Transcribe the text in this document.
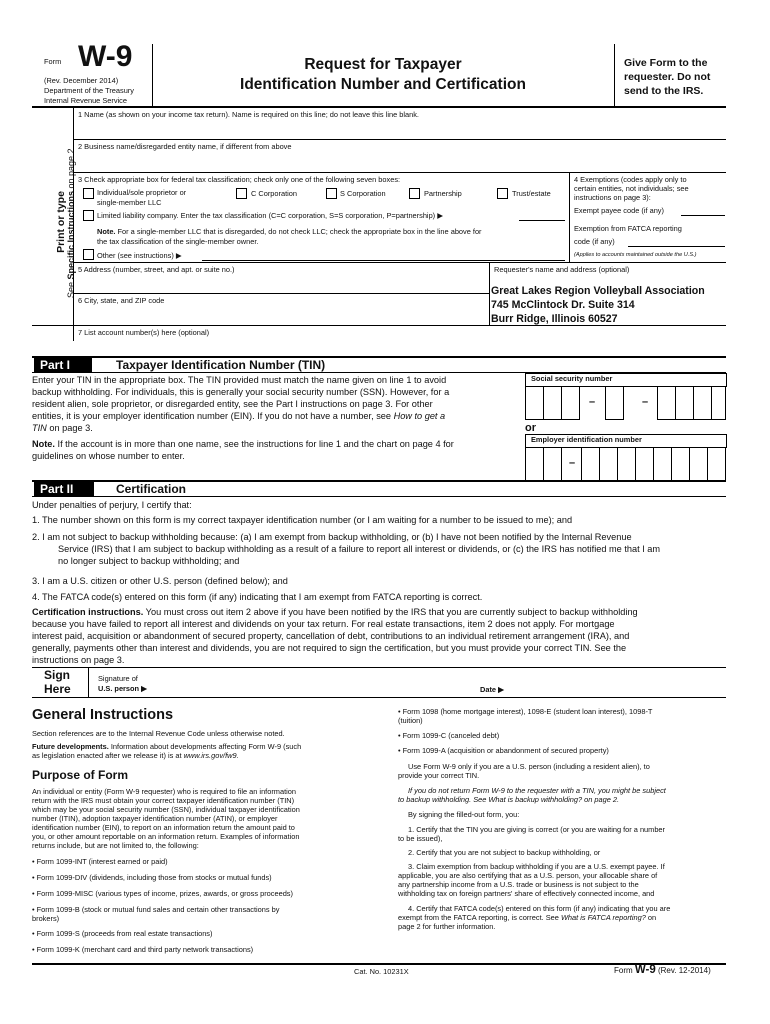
Form W-9
(Rev. December 2014)
Department of the Treasury
Internal Revenue Service
Request for Taxpayer
Identification Number and Certification
Give Form to the
requester. Do not
send to the IRS.
Print or type
See Specific Instructions on page 2.
1 Name (as shown on your income tax return). Name is required on this line; do not leave this line blank.
2 Business name/disregarded entity name, if different from above
3 Check appropriate box for federal tax classification; check only one of the following seven boxes:
Individual/sole proprietor or
single-member LLC
C Corporation	S Corporation	Partnership	Trust/estate
Limited liability company. Enter the tax classification (C=C corporation, S=S corporation, P=partnership) ▶
Note. For a single-member LLC that is disregarded, do not check LLC; check the appropriate box in the line above for
the tax classification of the single-member owner.
Other (see instructions) ▶
4 Exemptions (codes apply only to
certain entities, not individuals; see
instructions on page 3):
Exempt payee code (if any)
Exemption from FATCA reporting
code (if any)
(Applies to accounts maintained outside the U.S.)
5 Address (number, street, and apt. or suite no.)	Requester's name and address (optional)
Great Lakes Region Volleyball Association
745 McClintock Dr. Suite 314
Burr Ridge, Illinois 60527
6 City, state, and ZIP code
7 List account number(s) here (optional)
Part I	Taxpayer Identification Number (TIN)
Enter your TIN in the appropriate box. The TIN provided must match the name given on line 1 to avoid
backup withholding. For individuals, this is generally your social security number (SSN). However, for a
resident alien, sole proprietor, or disregarded entity, see the Part I instructions on page 3. For other
entities, it is your employer identification number (EIN). If you do not have a number, see How to get a
TIN on page 3.
Note. If the account is in more than one name, see the instructions for line 1 and the chart on page 4 for
guidelines on whose number to enter.
Social security number
–	–
or
Employer identification number
–
Part II	Certification
Under penalties of perjury, I certify that:
1. The number shown on this form is my correct taxpayer identification number (or I am waiting for a number to be issued to me); and
2. I am not subject to backup withholding because: (a) I am exempt from backup withholding, or (b) I have not been notified by the Internal Revenue
Service (IRS) that I am subject to backup withholding as a result of a failure to report all interest or dividends, or (c) the IRS has notified me that I am
no longer subject to backup withholding; and
3. I am a U.S. citizen or other U.S. person (defined below); and
4. The FATCA code(s) entered on this form (if any) indicating that I am exempt from FATCA reporting is correct.
Certification instructions. You must cross out item 2 above if you have been notified by the IRS that you are currently subject to backup withholding
because you have failed to report all interest and dividends on your tax return. For real estate transactions, item 2 does not apply. For mortgage
interest paid, acquisition or abandonment of secured property, cancellation of debt, contributions to an individual retirement arrangement (IRA), and
generally, payments other than interest and dividends, you are not required to sign the certification, but you must provide your correct TIN. See the
instructions on page 3.
Sign
Here
Signature of
U.S. person ▶	Date ▶
General Instructions
Section references are to the Internal Revenue Code unless otherwise noted.
Future developments. Information about developments affecting Form W-9 (such
as legislation enacted after we release it) is at www.irs.gov/fw9.
Purpose of Form
An individual or entity (Form W-9 requester) who is required to file an information
return with the IRS must obtain your correct taxpayer identification number (TIN)
which may be your social security number (SSN), individual taxpayer identification
number (ITIN), adoption taxpayer identification number (ATIN), or employer
identification number (EIN), to report on an information return the amount paid to
you, or other amount reportable on an information return. Examples of information
returns include, but are not limited to, the following:
• Form 1099-INT (interest earned or paid)
• Form 1099-DIV (dividends, including those from stocks or mutual funds)
• Form 1099-MISC (various types of income, prizes, awards, or gross proceeds)
• Form 1099-B (stock or mutual fund sales and certain other transactions by
brokers)
• Form 1099-S (proceeds from real estate transactions)
• Form 1099-K (merchant card and third party network transactions)
• Form 1098 (home mortgage interest), 1098-E (student loan interest), 1098-T
(tuition)
• Form 1099-C (canceled debt)
• Form 1099-A (acquisition or abandonment of secured property)
Use Form W-9 only if you are a U.S. person (including a resident alien), to
provide your correct TIN.
If you do not return Form W-9 to the requester with a TIN, you might be subject
to backup withholding. See What is backup withholding? on page 2.
By signing the filled-out form, you:
1. Certify that the TIN you are giving is correct (or you are waiting for a number
to be issued),
2. Certify that you are not subject to backup withholding, or
3. Claim exemption from backup withholding if you are a U.S. exempt payee. If
applicable, you are also certifying that as a U.S. person, your allocable share of
any partnership income from a U.S. trade or business is not subject to the
withholding tax on foreign partners' share of effectively connected income, and
4. Certify that FATCA code(s) entered on this form (if any) indicating that you are
exempt from the FATCA reporting, is correct. See What is FATCA reporting? on
page 2 for further information.
Cat. No. 10231X	Form W-9 (Rev. 12-2014)
